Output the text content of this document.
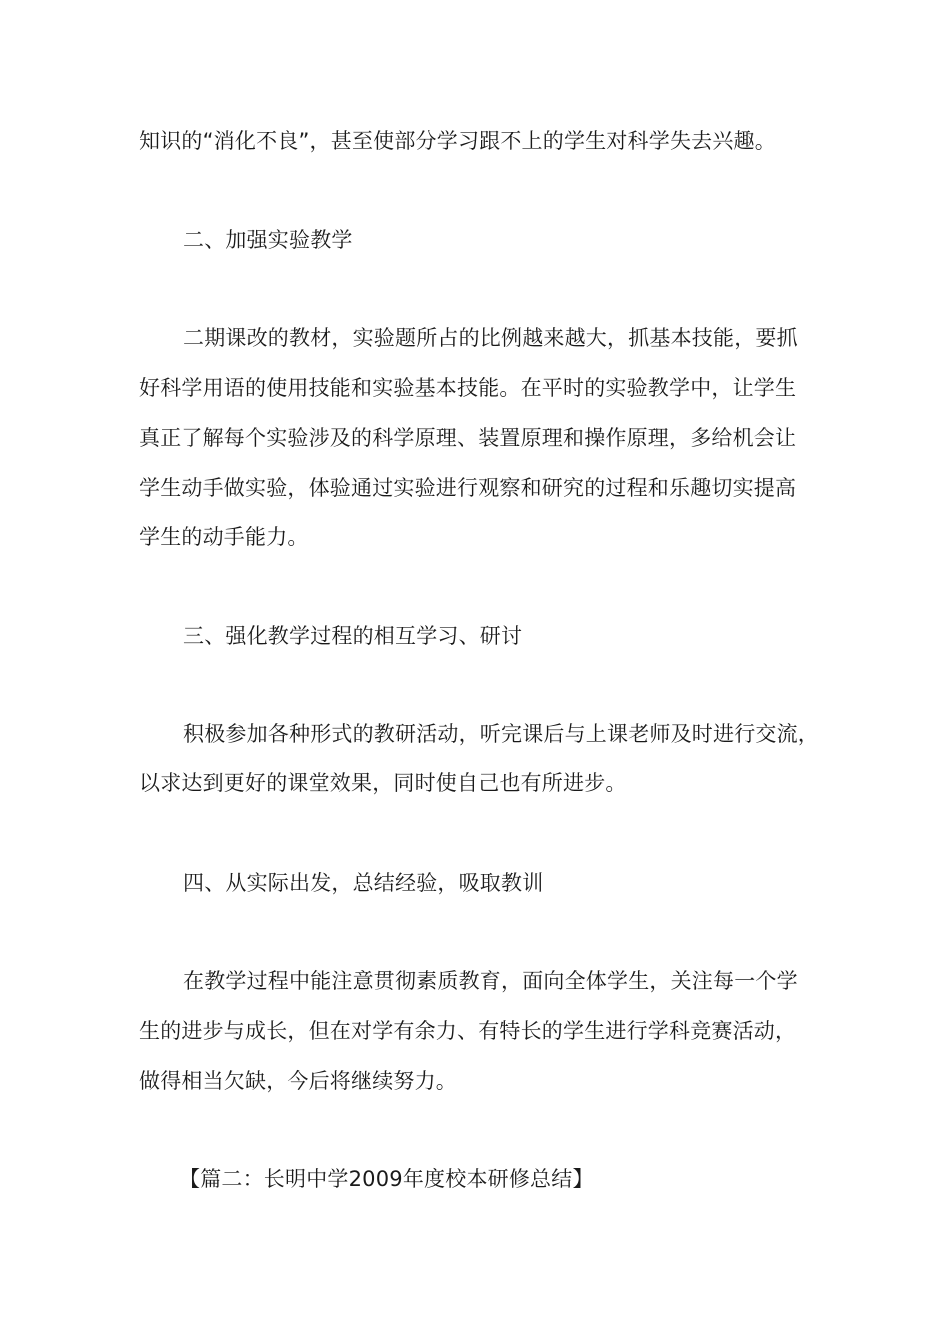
知识的“消化不良”，甚至使部分学习跟不上的学生对科学失去兴趣。
二、加强实验教学
二期课改的教材，实验题所占的比例越来越大，抓基本技能，要抓
好科学用语的使用技能和实验基本技能。在平时的实验教学中，让学生
真正了解每个实验涉及的科学原理、装置原理和操作原理，多给机会让
学生动手做实验，体验通过实验进行观察和研究的过程和乐趣切实提高
学生的动手能力。
三、强化教学过程的相互学习、研讨
积极参加各种形式的教研活动，听完课后与上课老师及时进行交流，
以求达到更好的课堂效果，同时使自己也有所进步。
四、从实际出发，总结经验，吸取教训
在教学过程中能注意贯彻素质教育，面向全体学生，关注每一个学
生的进步与成长，但在对学有余力、有特长的学生进行学科竞赛活动，
做得相当欠缺，今后将继续努力。
【篇二：长明中学2009年度校本研修总结】
